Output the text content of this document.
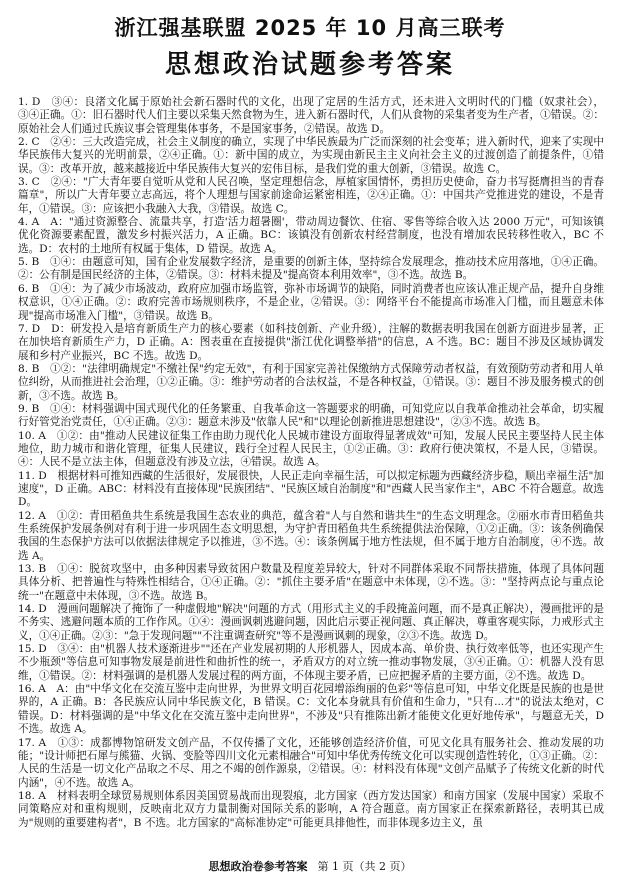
浙江强基联盟 2025 年 10 月高三联考
思想政治试题参考答案

1. D　③④：良渚文化属于原始社会新石器时代的文化，出现了定居的生活方式，还未进入文明时代的门槛（奴隶社会），③④正确。①：旧石器时代人们主要以采集天然食物为生，进入新石器时代，人们从食物的采集者变为生产者，①错误。②：原始社会人们通过氏族议事会管理集体事务，不是国家事务，②错误。故选 D。

2. C　②④：三大改造完成，社会主义制度的确立，实现了中华民族最为广泛而深刻的社会变革；进入新时代，迎来了实现中华民族伟大复兴的光明前景，②④正确。①：新中国的成立，为实现由新民主主义向社会主义的过渡创造了前提条件，①错误。③：改革开放，越来越接近中华民族伟大复兴的宏伟目标，是我们党的重大创新，③错误。故选 C。

3. C　②④："广大青年要自觉听从党和人民召唤，坚定理想信念，厚植家国情怀，勇担历史使命，奋力书写挺膺担当的青春篇章"，所以广大青年要立志高远，将个人理想与国家前途命运紧密相连，②④正确。①：中国共产党推进党的建设，不是青年，①错误。③：应该把小我融入大我，③错误。故选 C。

4. A　A："通过资源整合、流量共享，打造'活力超暑圈'，带动周边餐饮、住宿、零售等综合收入达 2000 万元"，可知该镇优化资源要素配置，激发乡村振兴活力，A 正确。BC：该镇没有创新农村经营制度，也没有增加农民转移性收入，BC 不选。D：农村的土地所有权属于集体，D 错误。故选 A。

5. B　①④：由题意可知，国有企业发展数字经济，是重要的创新主体，坚持综合发展理念，推动技术应用落地，①④正确。②：公有制是国民经济的主体，②错误。③：材料未提及"提高资本利用效率"，③不选。故选 B。

6. B　①④：为了减少市场波动，政府应加强市场监管，弥补市场调节的缺陷，同时消费者也应该认准正规产品，提升自身维权意识，①④正确。②：政府完善市场规则秩序，不是企业，②错误。③：网络平台不能提高市场准入门槛，而且题意未体现"提高市场准入门槛"，③错误。故选 B。

7. D　D：研发投入是培育新质生产力的核心要素（如科技创新、产业升级），注解的数据表明我国在创新方面进步显著，正在加快培育新质生产力，D 正确。A：图表重在直接提供"浙江优化调整举措"的信息，A 不选。BC：题目不涉及区域协调发展和乡村产业振兴，BC 不选。故选 D。

8. B　①②："法律明确规定"不缴社保"约定无效"，有利于国家完善社保缴纳方式保障劳动者权益，有效预防劳动者和用人单位纠纷，从而推进社会治理，①②正确。③：维护劳动者的合法权益，不是各种权益，①错误。③：题目不涉及服务模式的创新，③不选。故选 B。

9. B　①④：材料强调中国式现代化的任务繁重、自我革命这一答题要求的明确，可知党应以自我革命推动社会革命，切实履行好管党治党责任，①④正确。②③：题意未涉及"依靠人民"和"以理论创新推进思想建设"，②③不选。故选 B。

10. A　①②：由"推动人民建议征集工作由助力现代化人民城市建设方面取得显著成效"可知，发展人民民主要坚持人民主体地位，助力城市和谐化管理，征集人民建议，践行全过程人民民主，①②正确。③：政府行使决策权，不是人民，③错误。④：人民不是立法主体，但题意没有涉及立法，④错误。故选 A。

11. D　根据材料可推知西藏的生活很好，发展很快，人民正走向幸福生活，可以拟定标题为西藏经济步稳，顺出幸福生活"加速度"，D 正确。ABC：材料没有直接体现"民族团结"、"民族区域自治制度"和"西藏人民当家作主"，ABC 不符合题意。故选 D。

12. A　①②：青田稻鱼共生系统是我国生态农业的典范，蕴含着"人与自然和谐共生"的生态文明理念。②丽水市青田稻鱼共生系统保护发展条例对有利于进一步巩固生态文明思想，为守护青田稻鱼共生系统提供法治保障，①②正确。③：该条例确保我国的生态保护方法可以依据法律规定予以推进，③不选。④：该条例属于地方性法规，但不属于地方自治制度，④不选。故选 A。

13. B　①④：脱贫攻坚中，由多种因素导致贫困户数量及程度差异较大，针对不同群体采取不同帮扶措施，体现了具体问题具体分析、把普遍性与特殊性相结合，①④正确。②："抓住主要矛盾"在题意中未体现，②不选。③："坚持两点论与重点论统一"在题意中未体现，③不选。故选 B。

14. D　漫画问题解决了掩饰了一种虚假地"解决"问题的方式（用形式主义的手段掩盖问题，而不是真正解决），漫画批评的是不务实、逃避问题本质的工作作风。①④：漫画讽刺逃避问题，因此启示要正视问题、真正解决，尊重客观实际，力戒形式主义，①④正确。②③："急于发现问题""不注重调查研究"等不是漫画讽刺的现象，②③不选。故选 D。

15. D　③④：由"机器人技术逐渐进步""还在产业发展初期的人形机器人，因成本高、单价贵、执行效率低等，也还实现产生不少瓶颈"等信息可知事物发展是前进性和曲折性的统一，矛盾双方的对立统一推动事物发展，③④正确。①：机器人没有思维，①错误。②：材料强调的是机器人发展过程的两方面，不体现主要矛盾，已应把握矛盾的主要方面，②不选。故选 D。

16. A　A：由"中华文化在交流互鉴中走向世界，为世界文明百花园增添绚丽的色彩"等信息可知，中华文化既是民族的也是世界的，A 正确。B：各民族应认同中华民族文化，B 错误。C：文化本身就具有价值和生命力，"只有...才"的说法太绝对，C 错误。D：材料强调的是"中华文化在交流互鉴中走向世界"，不涉及"只有推陈出新才能使文化更好地传承"，与题意无关，D 不选。故选 A。

17. A　①③：成都博物馆研发文创产品，不仅传播了文化，还能够创造经济价值，可见文化具有服务社会、推动发展的功能；"设计师把石犀与熊猫、火锅、变脸等四川文化元素相融合"可知中华优秀传统文化可以实现创造性转化，①③正确。②：人民的生活是一切文化产品取之不尽、用之不竭的创作源泉，②错误。④：材料没有体现"文创产品赋予了传统文化新的时代内涵"，④不选。故选 A。

18. A　材料表明全球贸易规则体系因美国贸易战而出现裂痕，北方国家（西方发达国家）和南方国家（发展中国家）采取不同策略应对和重构规则，反映南北双方力量制衡对国际关系的影响，A 符合题意。南方国家正在探索新路径，表明其已成为"规则的重要建构者"，B 不选。北方国家的"高标准协定"可能更具排他性，而非体现多边主义，虽

思想政治卷参考答案 第 1 页（共 2 页）
